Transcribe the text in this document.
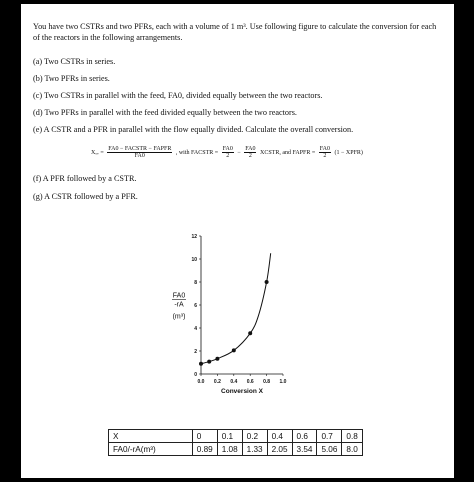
You have two CSTRs and two PFRs, each with a volume of 1 m³. Use following figure to calculate the conversion for each of the reactors in the following arrangements.

(a) Two CSTRs in series.
(b) Two PFRs in series.
(c) Two CSTRs in parallel with the feed, FA0, divided equally between the two reactors.
(d) Two PFRs in parallel with the feed divided equally between the two reactors.
(e) A CSTR and a PFR in parallel with the flow equally divided. Calculate the overall conversion.
Xₒᵥ = $\frac{\text{FA0 − FACSTR − FAPFR}}{FA0}$ , with FACSTR = $\frac{FA0}{2} - \frac{FA0}{2}$ XCSTR, and FAPFR = $\frac{FA0}{2} (1$ − XPFR)
(f) A PFR followed by a CSTR.
(g) A CSTR followed by a PFR.
0.0 0.2 0.4 0.6 0.8 1.0
0
2
4
6
8
10
12
Conversion X
FA0
-rA
(m³)
X	0	0.1	0.2	0.4	0.6	0.7	0.8
FA0/-rA(m³)	0.89	1.08	1.33	2.05	3.54	5.06	8.0
